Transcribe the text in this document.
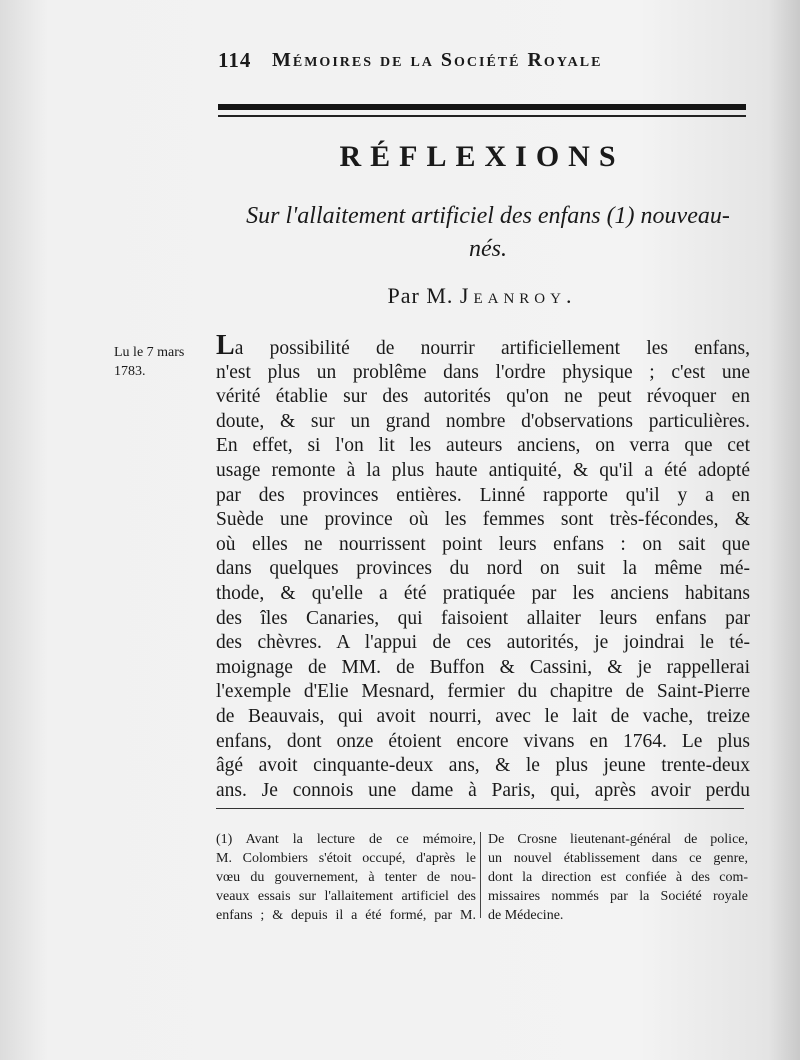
114 Mémoires de la Société Royale
RÉFLEXIONS
Sur l'allaitement artificiel des enfans (1) nouveau-
nés.
Par M. Jeanroy.
Lu le 7 mars
1783.
La possibilité de nourrir artificiellement les enfans,
n'est plus un problême dans l'ordre physique ; c'est une
vérité établie sur des autorités qu'on ne peut révoquer en
doute, & sur un grand nombre d'observations particulières.
En effet, si l'on lit les auteurs anciens, on verra que cet
usage remonte à la plus haute antiquité, & qu'il a été adopté
par des provinces entières. Linné rapporte qu'il y a en
Suède une province où les femmes sont très-fécondes, &
où elles ne nourrissent point leurs enfans : on sait que
dans quelques provinces du nord on suit la même mé-
thode, & qu'elle a été pratiquée par les anciens habitans
des îles Canaries, qui faisoient allaiter leurs enfans par
des chèvres. A l'appui de ces autorités, je joindrai le té-
moignage de MM. de Buffon & Cassini, & je rappellerai
l'exemple d'Elie Mesnard, fermier du chapitre de Saint-Pierre
de Beauvais, qui avoit nourri, avec le lait de vache, treize
enfans, dont onze étoient encore vivans en 1764. Le plus
âgé avoit cinquante-deux ans, & le plus jeune trente-deux
ans. Je connois une dame à Paris, qui, après avoir perdu
(1) Avant la lecture de ce mémoire,
M. Colombiers s'étoit occupé, d'après le
vœu du gouvernement, à tenter de nou-
veaux essais sur l'allaitement artificiel des
enfans ; & depuis il a été formé, par M.
De Crosne lieutenant-général de police,
un nouvel établissement dans ce genre,
dont la direction est confiée à des com-
missaires nommés par la Société royale
de Médecine.
